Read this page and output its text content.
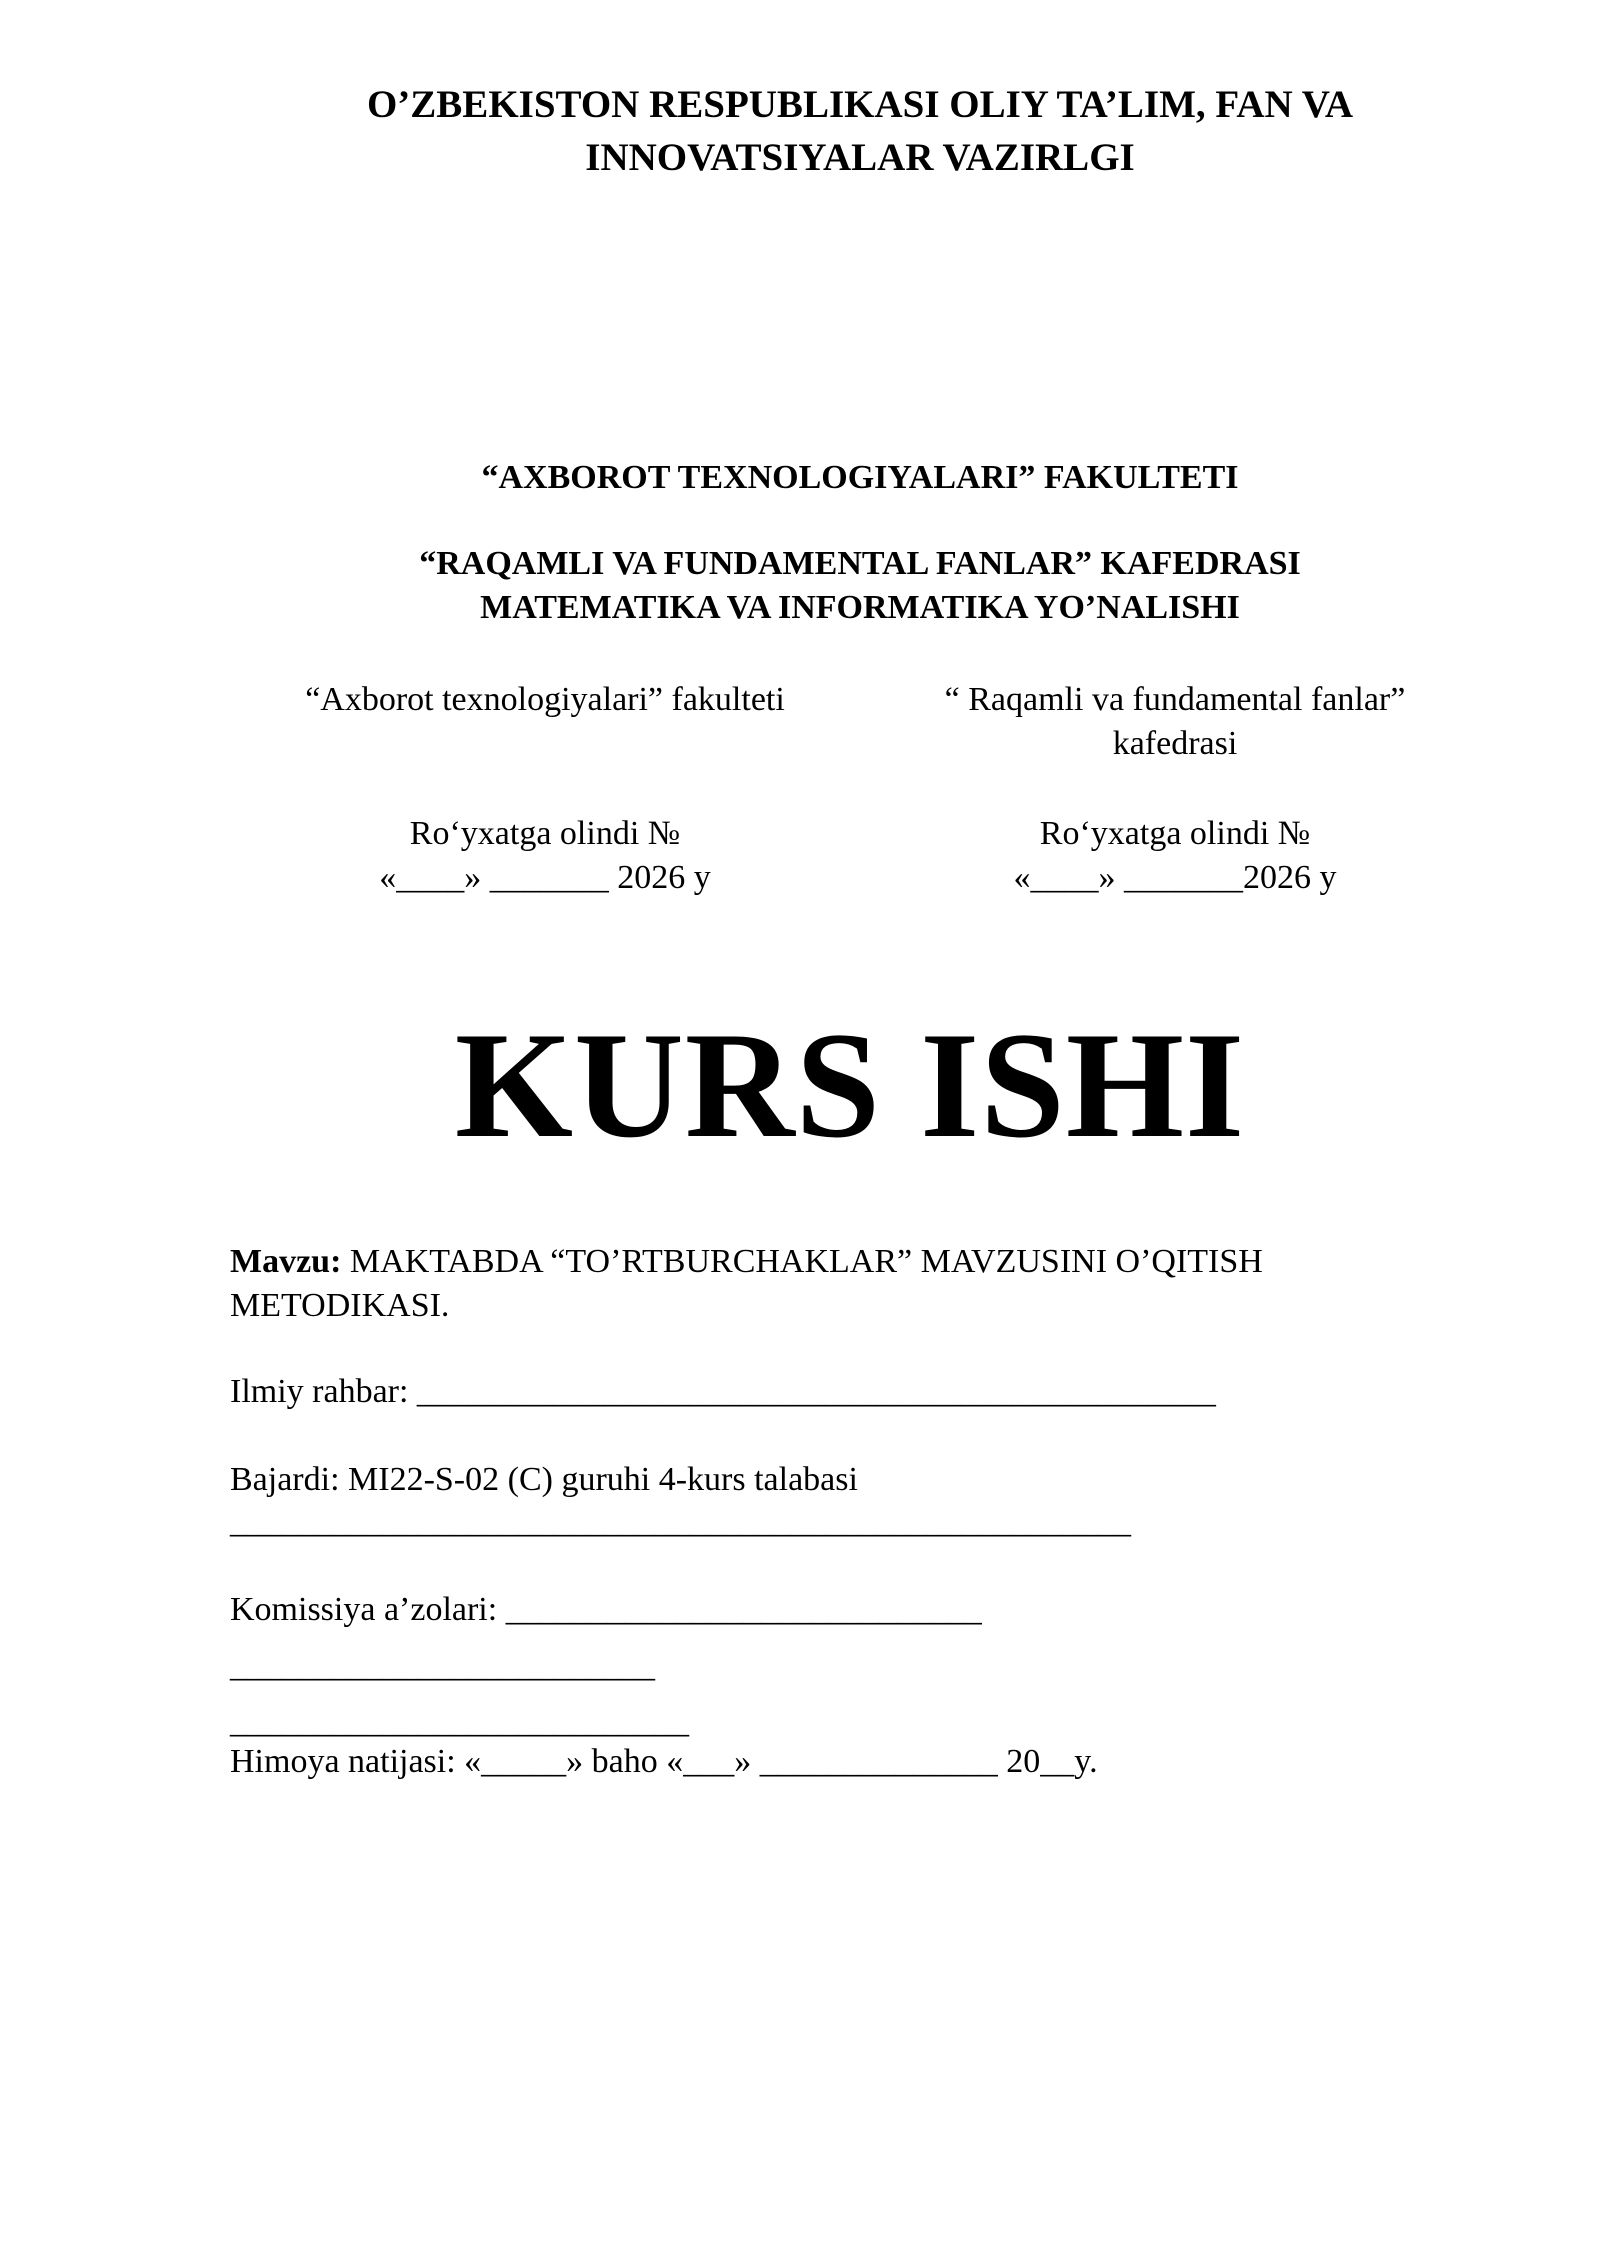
O’ZBEKISTON RESPUBLIKASI OLIY TA’LIM, FAN VA
INNOVATSIYALAR VAZIRLGI
“AXBOROT TEXNOLOGIYALARI” FAKULTETI
“RAQAMLI VA FUNDAMENTAL FANLAR” KAFEDRASI
MATEMATIKA VA INFORMATIKA YO’NALISHI
“Axborot texnologiyalari” fakulteti	“ Raqamli va fundamental fanlar”
kafedrasi
Ro‘yxatga olindi №
«____» _______ 2026 y
Ro‘yxatga olindi №
«____» _______2026 y
KURS ISHI
Mavzu: MAKTABDA “TO’RTBURCHAKLAR” MAVZUSINI O’QITISH
METODIKASI.
Ilmiy rahbar: _______________________________________________
Bajardi: MI22-S-02 (C) guruhi 4-kurs talabasi
_____________________________________________________
Komissiya a’zolari: ____________________________
_________________________
___________________________
Himoya natijasi: «_____» baho «___» ______________ 20__y.
